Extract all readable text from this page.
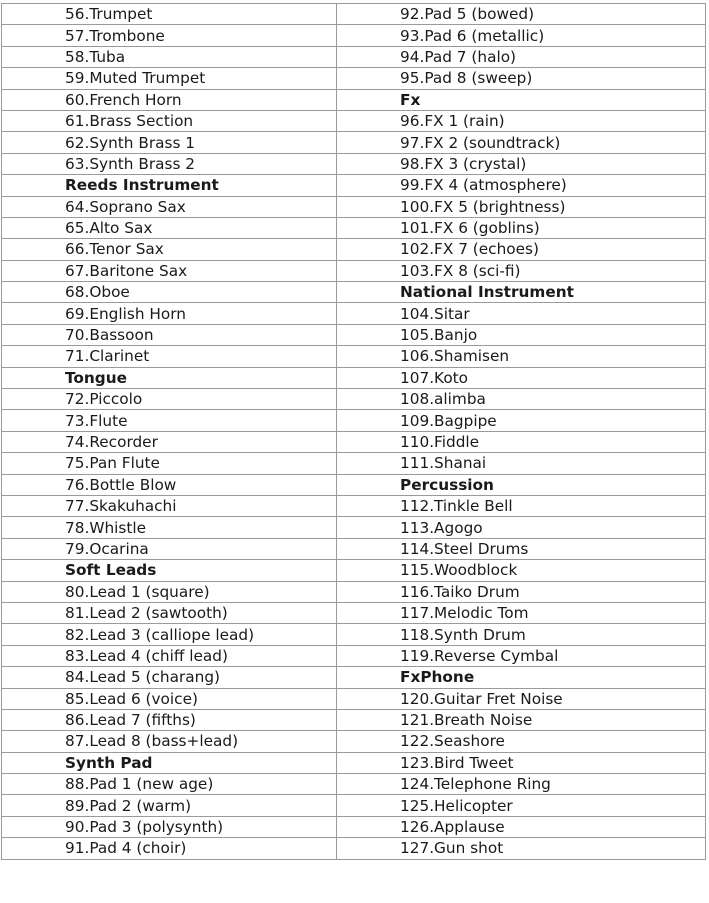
56.Trumpet	92.Pad 5 (bowed)
57.Trombone	93.Pad 6 (metallic)
58.Tuba	94.Pad 7 (halo)
59.Muted Trumpet	95.Pad 8 (sweep)
60.French Horn	Fx
61.Brass Section	96.FX 1 (rain)
62.Synth Brass 1	97.FX 2 (soundtrack)
63.Synth Brass 2	98.FX 3 (crystal)
Reeds Instrument	99.FX 4 (atmosphere)
64.Soprano Sax	100.FX 5 (brightness)
65.Alto Sax	101.FX 6 (goblins)
66.Tenor Sax	102.FX 7 (echoes)
67.Baritone Sax	103.FX 8 (sci-fi)
68.Oboe	National Instrument
69.English Horn	104.Sitar
70.Bassoon	105.Banjo
71.Clarinet	106.Shamisen
Tongue	107.Koto
72.Piccolo	108.alimba
73.Flute	109.Bagpipe
74.Recorder	110.Fiddle
75.Pan Flute	111.Shanai
76.Bottle Blow	Percussion
77.Skakuhachi	112.Tinkle Bell
78.Whistle	113.Agogo
79.Ocarina	114.Steel Drums
Soft Leads	115.Woodblock
80.Lead 1 (square)	116.Taiko Drum
81.Lead 2 (sawtooth)	117.Melodic Tom
82.Lead 3 (calliope lead)	118.Synth Drum
83.Lead 4 (chiff lead)	119.Reverse Cymbal
84.Lead 5 (charang)	FxPhone
85.Lead 6 (voice)	120.Guitar Fret Noise
86.Lead 7 (fifths)	121.Breath Noise
87.Lead 8 (bass+lead)	122.Seashore
Synth Pad	123.Bird Tweet
88.Pad 1 (new age)	124.Telephone Ring
89.Pad 2 (warm)	125.Helicopter
90.Pad 3 (polysynth)	126.Applause
91.Pad 4 (choir)	127.Gun shot
